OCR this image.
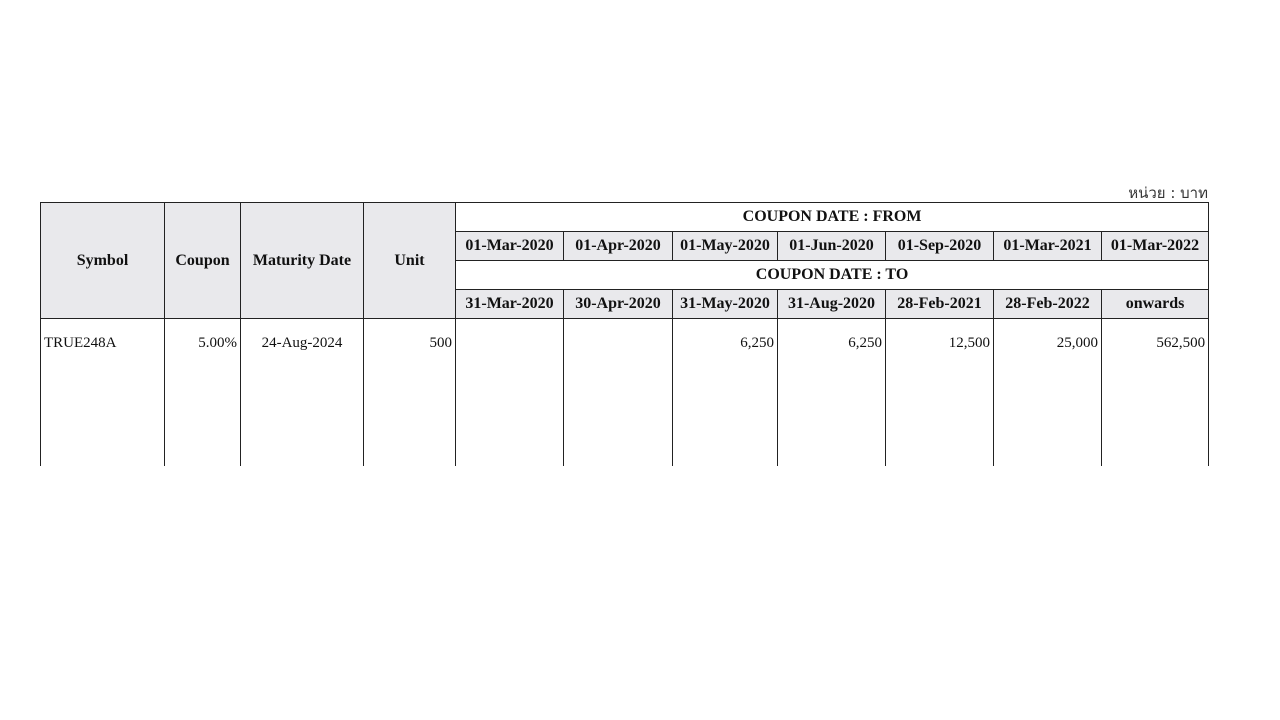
หน่วย : บาท
Symbol	Coupon	Maturity Date	Unit	COUPON DATE : FROM						
				01-Mar-2020	01-Apr-2020	01-May-2020	01-Jun-2020	01-Sep-2020	01-Mar-2021	01-Mar-2022
				COUPON DATE : TO						
				31-Mar-2020	30-Apr-2020	31-May-2020	31-Aug-2020	28-Feb-2021	28-Feb-2022	onwards
TRUE248A	5.00%	24-Aug-2024	500			6,250	6,250	12,500	25,000	562,500
